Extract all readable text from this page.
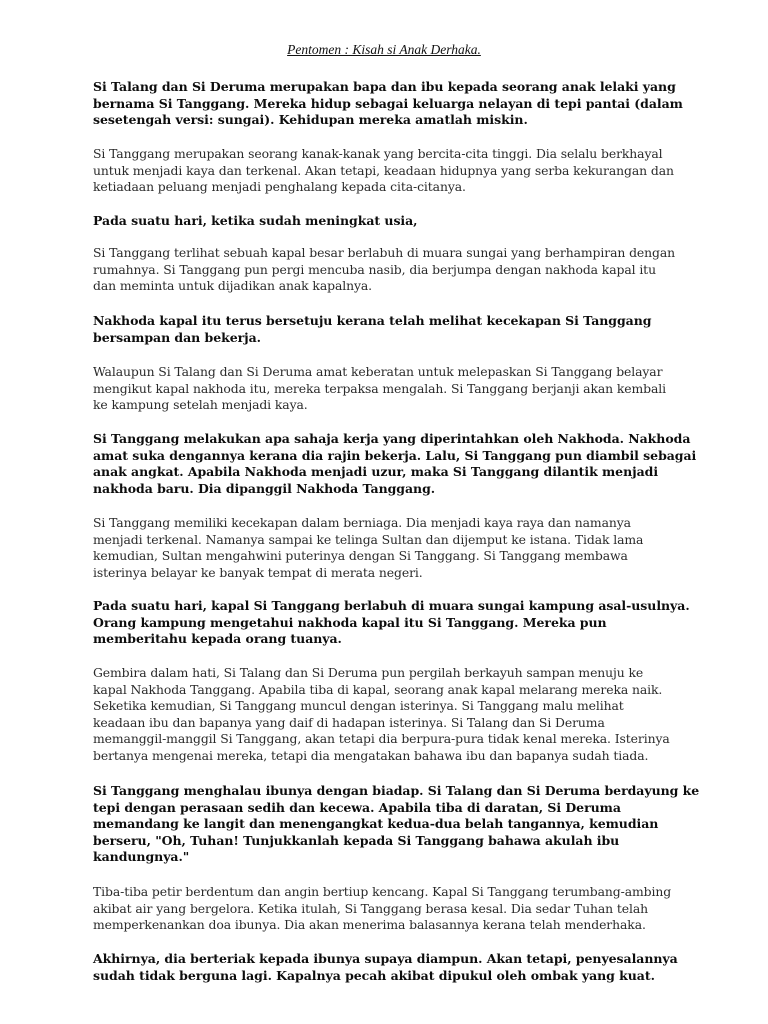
Pentomen : Kisah si Anak Derhaka.
Si Talang dan Si Deruma merupakan bapa dan ibu kepada seorang anak lelaki yang
bernama Si Tanggang. Mereka hidup sebagai keluarga nelayan di tepi pantai (dalam
sesetengah versi: sungai). Kehidupan mereka amatlah miskin.
Si Tanggang merupakan seorang kanak-kanak yang bercita-cita tinggi. Dia selalu berkhayal
untuk menjadi kaya dan terkenal. Akan tetapi, keadaan hidupnya yang serba kekurangan dan
ketiadaan peluang menjadi penghalang kepada cita-citanya.
Pada suatu hari, ketika sudah meningkat usia,
Si Tanggang terlihat sebuah kapal besar berlabuh di muara sungai yang berhampiran dengan
rumahnya. Si Tanggang pun pergi mencuba nasib, dia berjumpa dengan nakhoda kapal itu
dan meminta untuk dijadikan anak kapalnya.
Nakhoda kapal itu terus bersetuju kerana telah melihat kecekapan Si Tanggang
bersampan dan bekerja.
Walaupun Si Talang dan Si Deruma amat keberatan untuk melepaskan Si Tanggang belayar
mengikut kapal nakhoda itu, mereka terpaksa mengalah. Si Tanggang berjanji akan kembali
ke kampung setelah menjadi kaya.
Si Tanggang melakukan apa sahaja kerja yang diperintahkan oleh Nakhoda. Nakhoda
amat suka dengannya kerana dia rajin bekerja. Lalu, Si Tanggang pun diambil sebagai
anak angkat. Apabila Nakhoda menjadi uzur, maka Si Tanggang dilantik menjadi
nakhoda baru. Dia dipanggil Nakhoda Tanggang.
Si Tanggang memiliki kecekapan dalam berniaga. Dia menjadi kaya raya dan namanya
menjadi terkenal. Namanya sampai ke telinga Sultan dan dijemput ke istana. Tidak lama
kemudian, Sultan mengahwini puterinya dengan Si Tanggang. Si Tanggang membawa
isterinya belayar ke banyak tempat di merata negeri.
Pada suatu hari, kapal Si Tanggang berlabuh di muara sungai kampung asal-usulnya.
Orang kampung mengetahui nakhoda kapal itu Si Tanggang. Mereka pun
memberitahu kepada orang tuanya.
Gembira dalam hati, Si Talang dan Si Deruma pun pergilah berkayuh sampan menuju ke
kapal Nakhoda Tanggang. Apabila tiba di kapal, seorang anak kapal melarang mereka naik.
Seketika kemudian, Si Tanggang muncul dengan isterinya. Si Tanggang malu melihat
keadaan ibu dan bapanya yang daif di hadapan isterinya. Si Talang dan Si Deruma
memanggil-manggil Si Tanggang, akan tetapi dia berpura-pura tidak kenal mereka. Isterinya
bertanya mengenai mereka, tetapi dia mengatakan bahawa ibu dan bapanya sudah tiada.
Si Tanggang menghalau ibunya dengan biadap. Si Talang dan Si Deruma berdayung ke
tepi dengan perasaan sedih dan kecewa. Apabila tiba di daratan, Si Deruma
memandang ke langit dan menengangkat kedua-dua belah tangannya, kemudian
berseru, "Oh, Tuhan! Tunjukkanlah kepada Si Tanggang bahawa akulah ibu
kandungnya."
Tiba-tiba petir berdentum dan angin bertiup kencang. Kapal Si Tanggang terumbang-ambing
akibat air yang bergelora. Ketika itulah, Si Tanggang berasa kesal. Dia sedar Tuhan telah
memperkenankan doa ibunya. Dia akan menerima balasannya kerana telah menderhaka.
Akhirnya, dia berteriak kepada ibunya supaya diampun. Akan tetapi, penyesalannya
sudah tidak berguna lagi. Kapalnya pecah akibat dipukul oleh ombak yang kuat.
